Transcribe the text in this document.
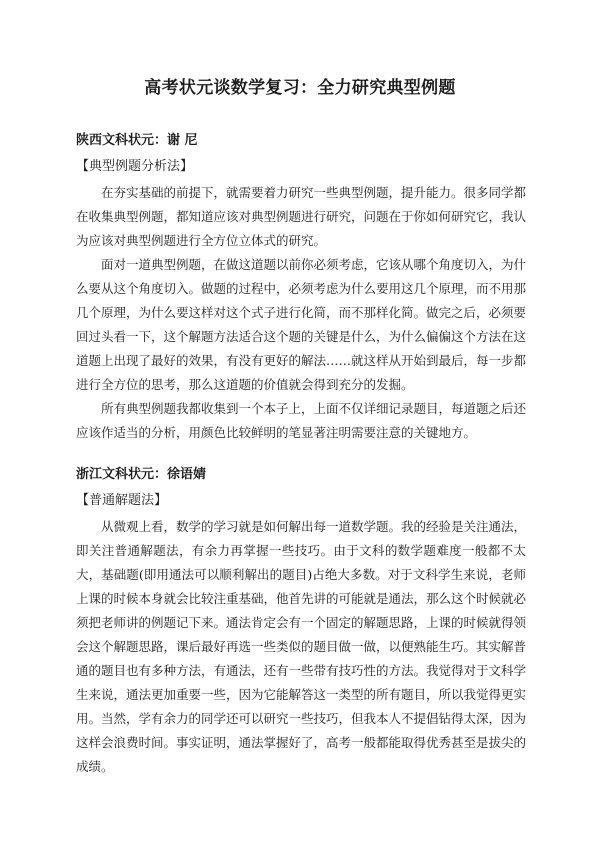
高考状元谈数学复习：全力研究典型例题
陕西文科状元：谢 尼
【典型例题分析法】

在夯实基础的前提下，就需要着力研究一些典型例题，提升能力。很多同学都在收集典型例题，都知道应该对典型例题进行研究，问题在于你如何研究它，我认为应该对典型例题进行全方位立体式的研究。

面对一道典型例题，在做这道题以前你必须考虑，它该从哪个角度切入，为什么要从这个角度切入。做题的过程中，必须考虑为什么要用这几个原理，而不用那几个原理，为什么要这样对这个式子进行化简，而不那样化简。做完之后，必须要回过头看一下，这个解题方法适合这个题的关键是什么，为什么偏偏这个方法在这道题上出现了最好的效果，有没有更好的解法……就这样从开始到最后，每一步都进行全方位的思考，那么这道题的价值就会得到充分的发掘。

所有典型例题我都收集到一个本子上，上面不仅详细记录题目，每道题之后还应该作适当的分析，用颜色比较鲜明的笔显著注明需要注意的关键地方。

浙江文科状元：徐语婧
【普通解题法】

从微观上看，数学的学习就是如何解出每一道数学题。我的经验是关注通法，即关注普通解题法，有余力再掌握一些技巧。由于文科的数学题难度一般都不太大，基础题(即用通法可以顺利解出的题目)占绝大多数。对于文科学生来说，老师上课的时候本身就会比较注重基础，他首先讲的可能就是通法，那么这个时候就必须把老师讲的例题记下来。通法肯定会有一个固定的解题思路，上课的时候就得领会这个解题思路，课后最好再选一些类似的题目做一做，以便熟能生巧。其实解普通的题目也有多种方法，有通法，还有一些带有技巧性的方法。我觉得对于文科学生来说，通法更加重要一些，因为它能解答这一类型的所有题目，所以我觉得更实用。当然，学有余力的同学还可以研究一些技巧，但我本人不提倡钻得太深，因为这样会浪费时间。事实证明，通法掌握好了，高考一般都能取得优秀甚至是拔尖的成绩。
